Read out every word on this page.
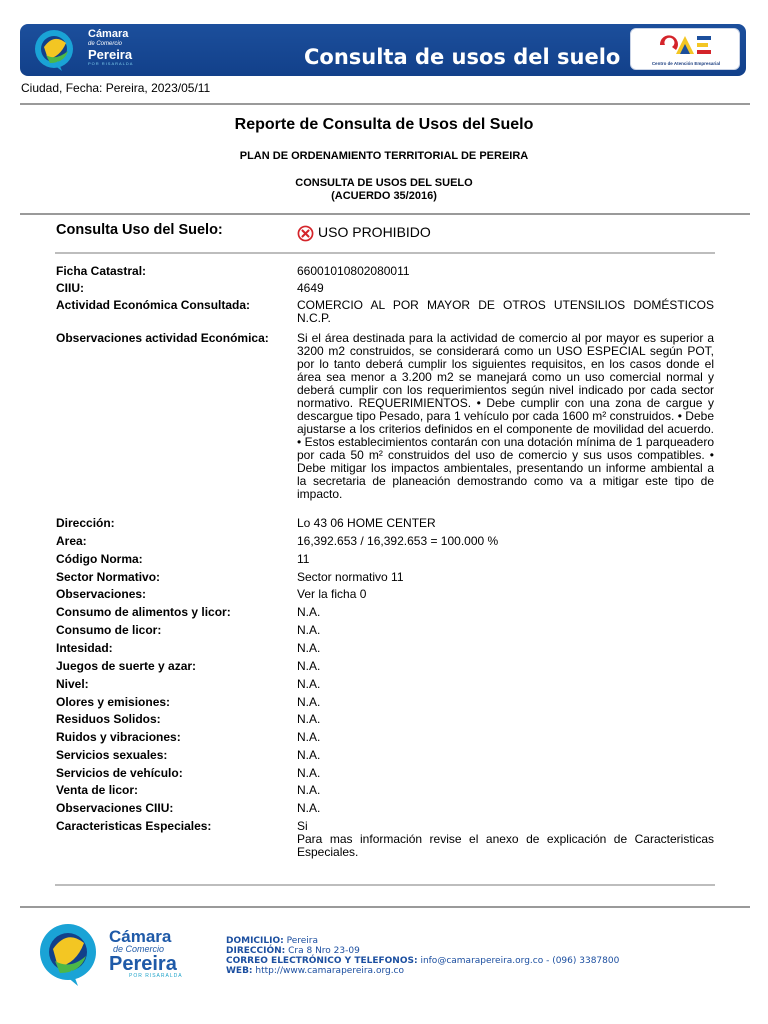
Cámara
de Comercio
Pereira
POR RISARALDA	Consulta de usos del suelo	Centro de Atención Empresarial
Ciudad, Fecha: Pereira, 2023/05/11
Reporte de Consulta de Usos del Suelo
PLAN DE ORDENAMIENTO TERRITORIAL DE PEREIRA
CONSULTA DE USOS DEL SUELO
(ACUERDO 35/2016)
Consulta Uso del Suelo:	USO PROHIBIDO
Ficha Catastral:	66001010802080011
CIIU:	4649
Actividad Económica Consultada:	COMERCIO AL POR MAYOR DE OTROS UTENSILIOS DOMÉSTICOS N.C.P.
Observaciones actividad Económica: Si el área destinada para la actividad de comercio al por mayor es superior a 3200 m2 construidos, se considerará como un USO ESPECIAL según POT, por lo tanto deberá cumplir los siguientes requisitos, en los casos donde el área sea menor a 3.200 m2 se manejará como un uso comercial normal y deberá cumplir con los requerimientos según nivel indicado por cada sector normativo. REQUERIMIENTOS. • Debe cumplir con una zona de cargue y descargue tipo Pesado, para 1 vehículo por cada 1600 m² construidos. • Debe ajustarse a los criterios definidos en el componente de movilidad del acuerdo. • Estos establecimientos contarán con una dotación mínima de 1 parqueadero por cada 50 m² construidos del uso de comercio y sus usos compatibles. • Debe mitigar los impactos ambientales, presentando un informe ambiental a la secretaria de planeación demostrando como va a mitigar este tipo de impacto.
Dirección:	Lo 43 06 HOME CENTER
Area:	16,392.653 / 16,392.653 = 100.000 %
Código Norma:	11
Sector Normativo:	Sector normativo 11
Observaciones:	Ver la ficha 0
Consumo de alimentos y licor:	N.A.
Consumo de licor:	N.A.
Intesidad:	N.A.
Juegos de suerte y azar:	N.A.
Nivel:	N.A.
Olores y emisiones:	N.A.
Residuos Solidos:	N.A.
Ruidos y vibraciones:	N.A.
Servicios sexuales:	N.A.
Servicios de vehículo:	N.A.
Venta de licor:	N.A.
Observaciones CIIU:	N.A.
Caracteristicas Especiales:	Si
Para mas información revise el anexo de explicación de Caracteristicas Especiales.
Cámara
de Comercio
Pereira
POR RISARALDA
DOMICILIO: Pereira
DIRECCIÓN: Cra 8 Nro 23-09
CORREO ELECTRÓNICO Y TELEFONOS: info@camarapereira.org.co - (096) 3387800
WEB: http://www.camarapereira.org.co
